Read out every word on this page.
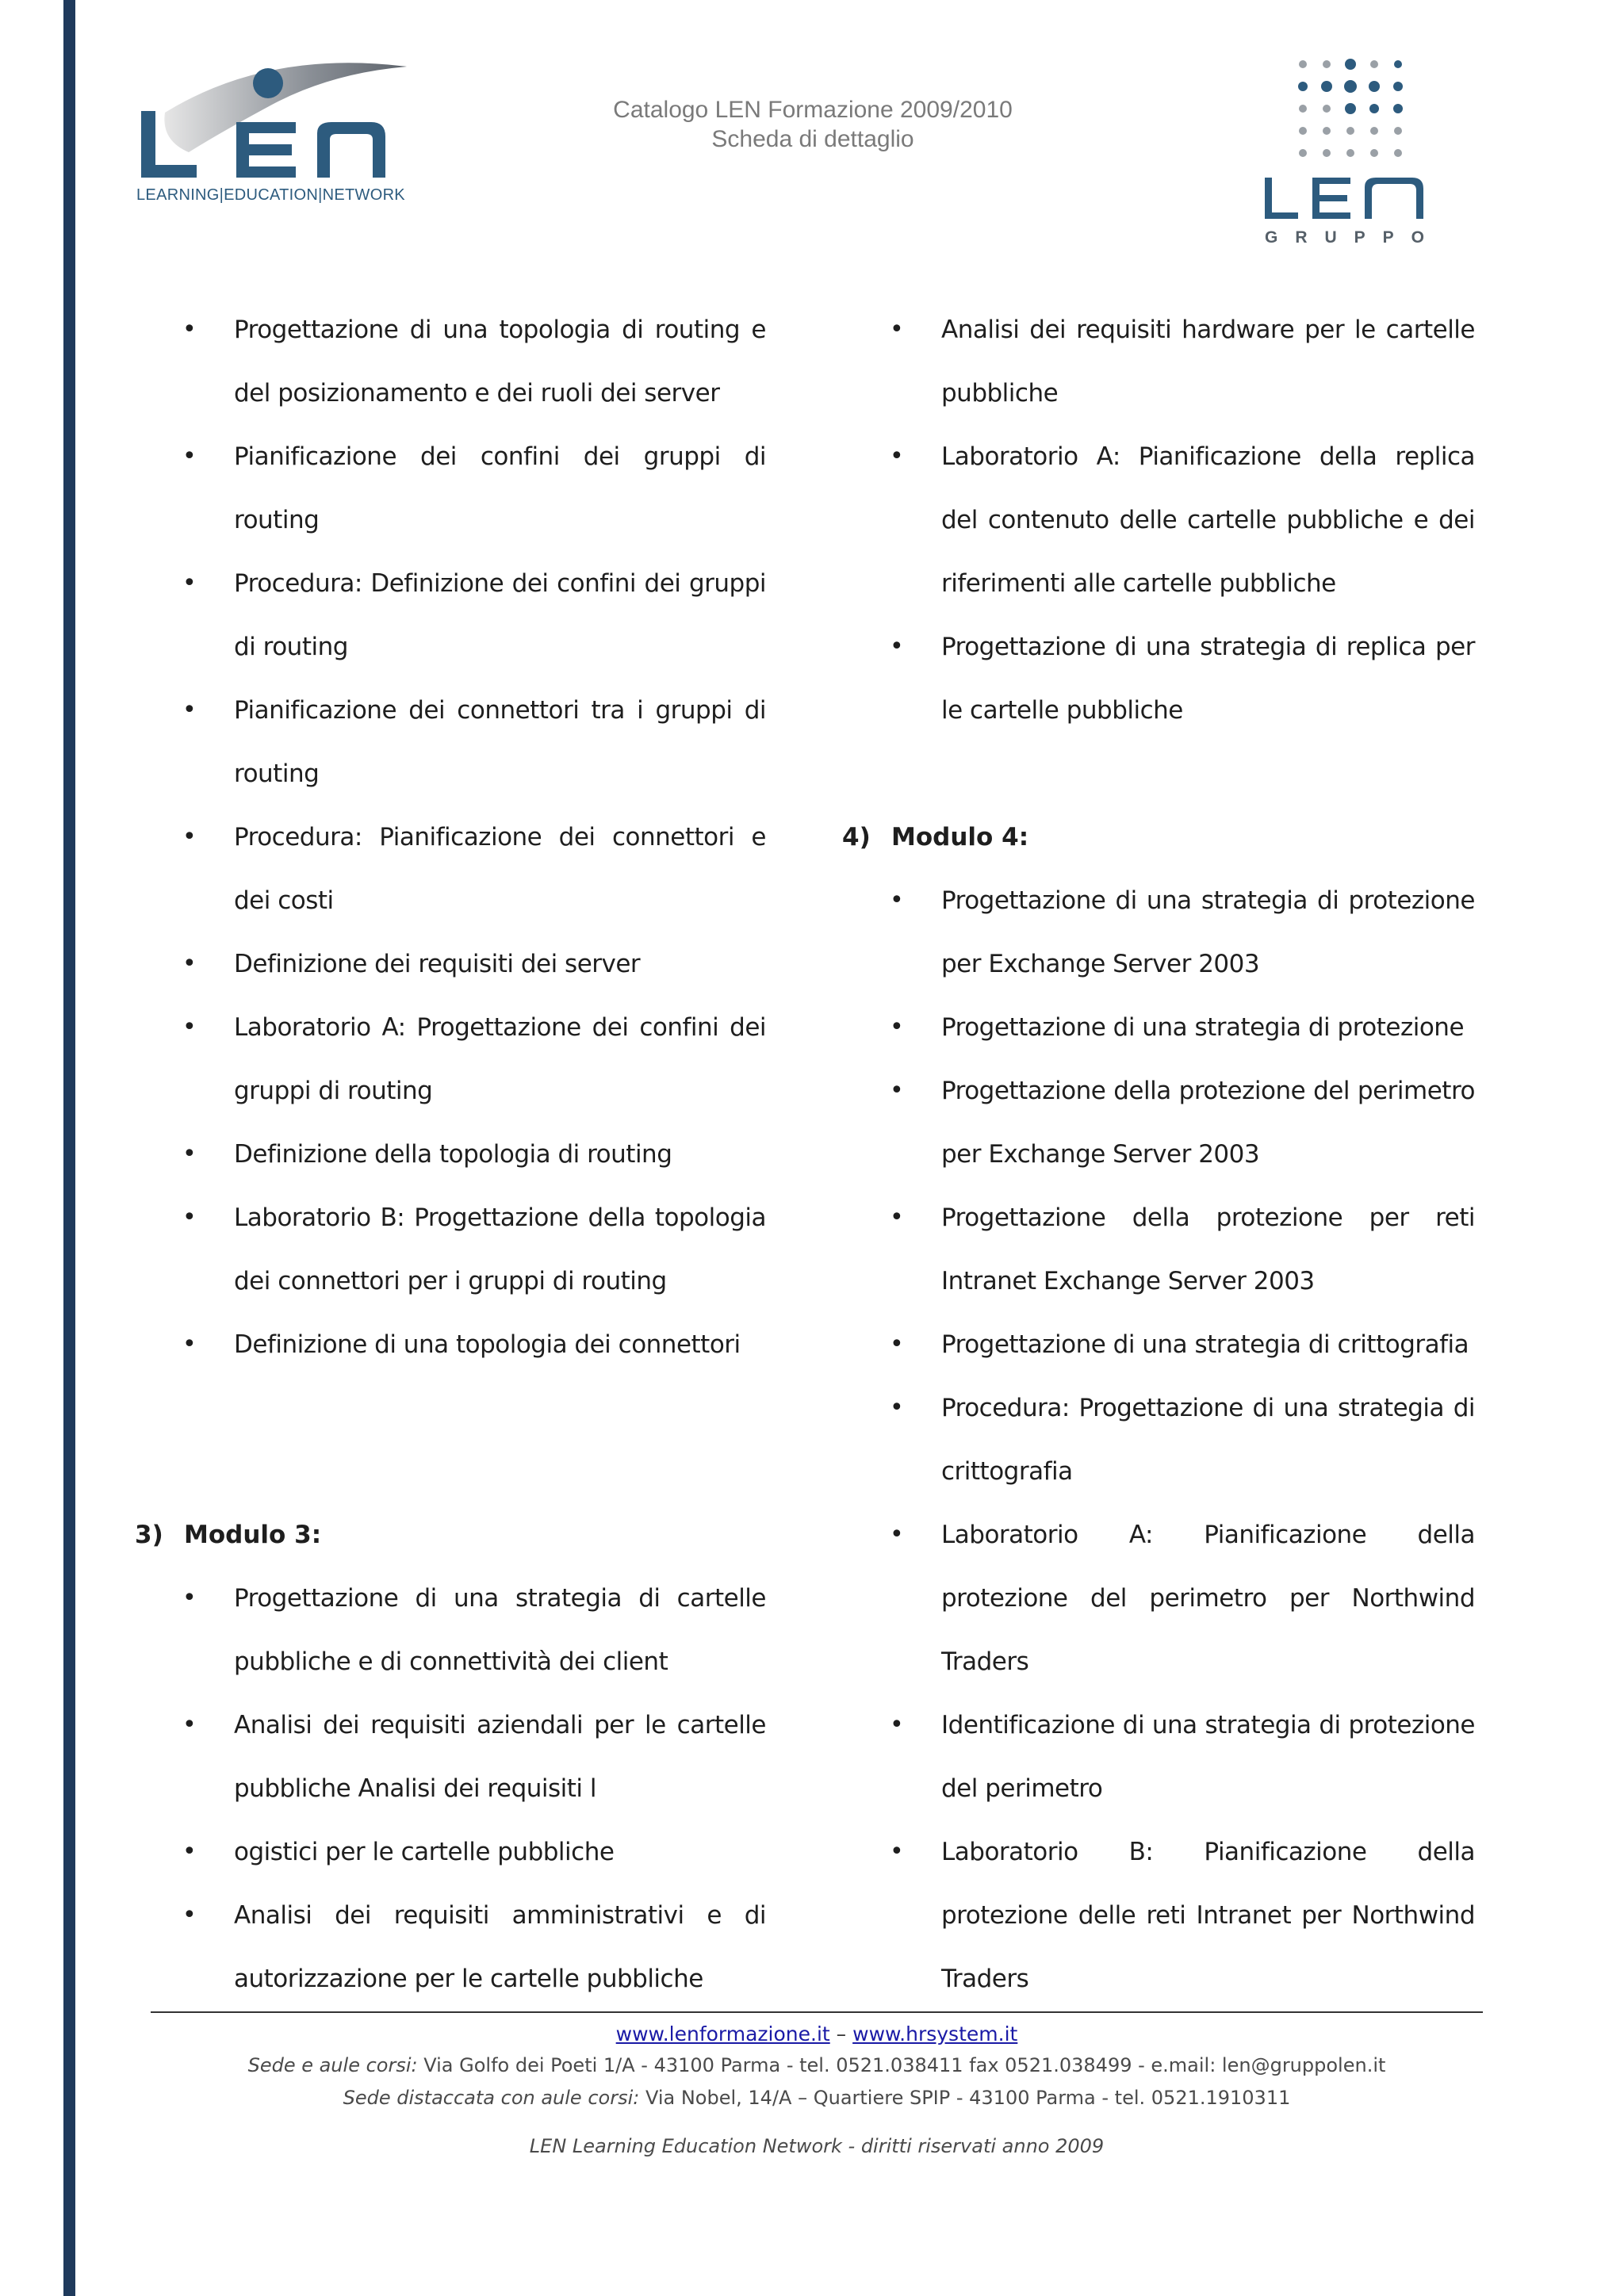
LEARNING|EDUCATION|NETWORK
Catalogo LEN Formazione 2009/2010
Scheda di dettaglio
GRUPPO
• Progettazione di una topologia di routing e del posizionamento e dei ruoli dei server
• Pianificazione dei confini dei gruppi di routing
• Procedura: Definizione dei confini dei gruppi di routing
• Pianificazione dei connettori tra i gruppi di routing
• Procedura: Pianificazione dei connettori e dei costi
• Definizione dei requisiti dei server
• Laboratorio A: Progettazione dei confini dei gruppi di routing
• Definizione della topologia di routing
• Laboratorio B: Progettazione della topologia dei connettori per i gruppi di routing
• Definizione di una topologia dei connettori
3) Modulo 3:
• Progettazione di una strategia di cartelle pubbliche e di connettività dei client
• Analisi dei requisiti aziendali per le cartelle pubbliche Analisi dei requisiti l
• ogistici per le cartelle pubbliche
• Analisi dei requisiti amministrativi e di autorizzazione per le cartelle pubbliche
• Analisi dei requisiti hardware per le cartelle pubbliche
• Laboratorio A: Pianificazione della replica del contenuto delle cartelle pubbliche e dei riferimenti alle cartelle pubbliche
• Progettazione di una strategia di replica per le cartelle pubbliche
4) Modulo 4:
• Progettazione di una strategia di protezione per Exchange Server 2003
• Progettazione di una strategia di protezione
• Progettazione della protezione del perimetro per Exchange Server 2003
• Progettazione della protezione per reti Intranet Exchange Server 2003
• Progettazione di una strategia di crittografia
• Procedura: Progettazione di una strategia di crittografia
• Laboratorio A: Pianificazione della protezione del perimetro per Northwind Traders
• Identificazione di una strategia di protezione del perimetro
• Laboratorio B: Pianificazione della protezione delle reti Intranet per Northwind Traders
www.lenformazione.it – www.hrsystem.it
Sede e aule corsi: Via Golfo dei Poeti 1/A - 43100 Parma - tel. 0521.038411 fax 0521.038499 - e.mail: len@gruppolen.it
Sede distaccata con aule corsi: Via Nobel, 14/A – Quartiere SPIP - 43100 Parma - tel. 0521.1910311
LEN Learning Education Network - diritti riservati anno 2009
